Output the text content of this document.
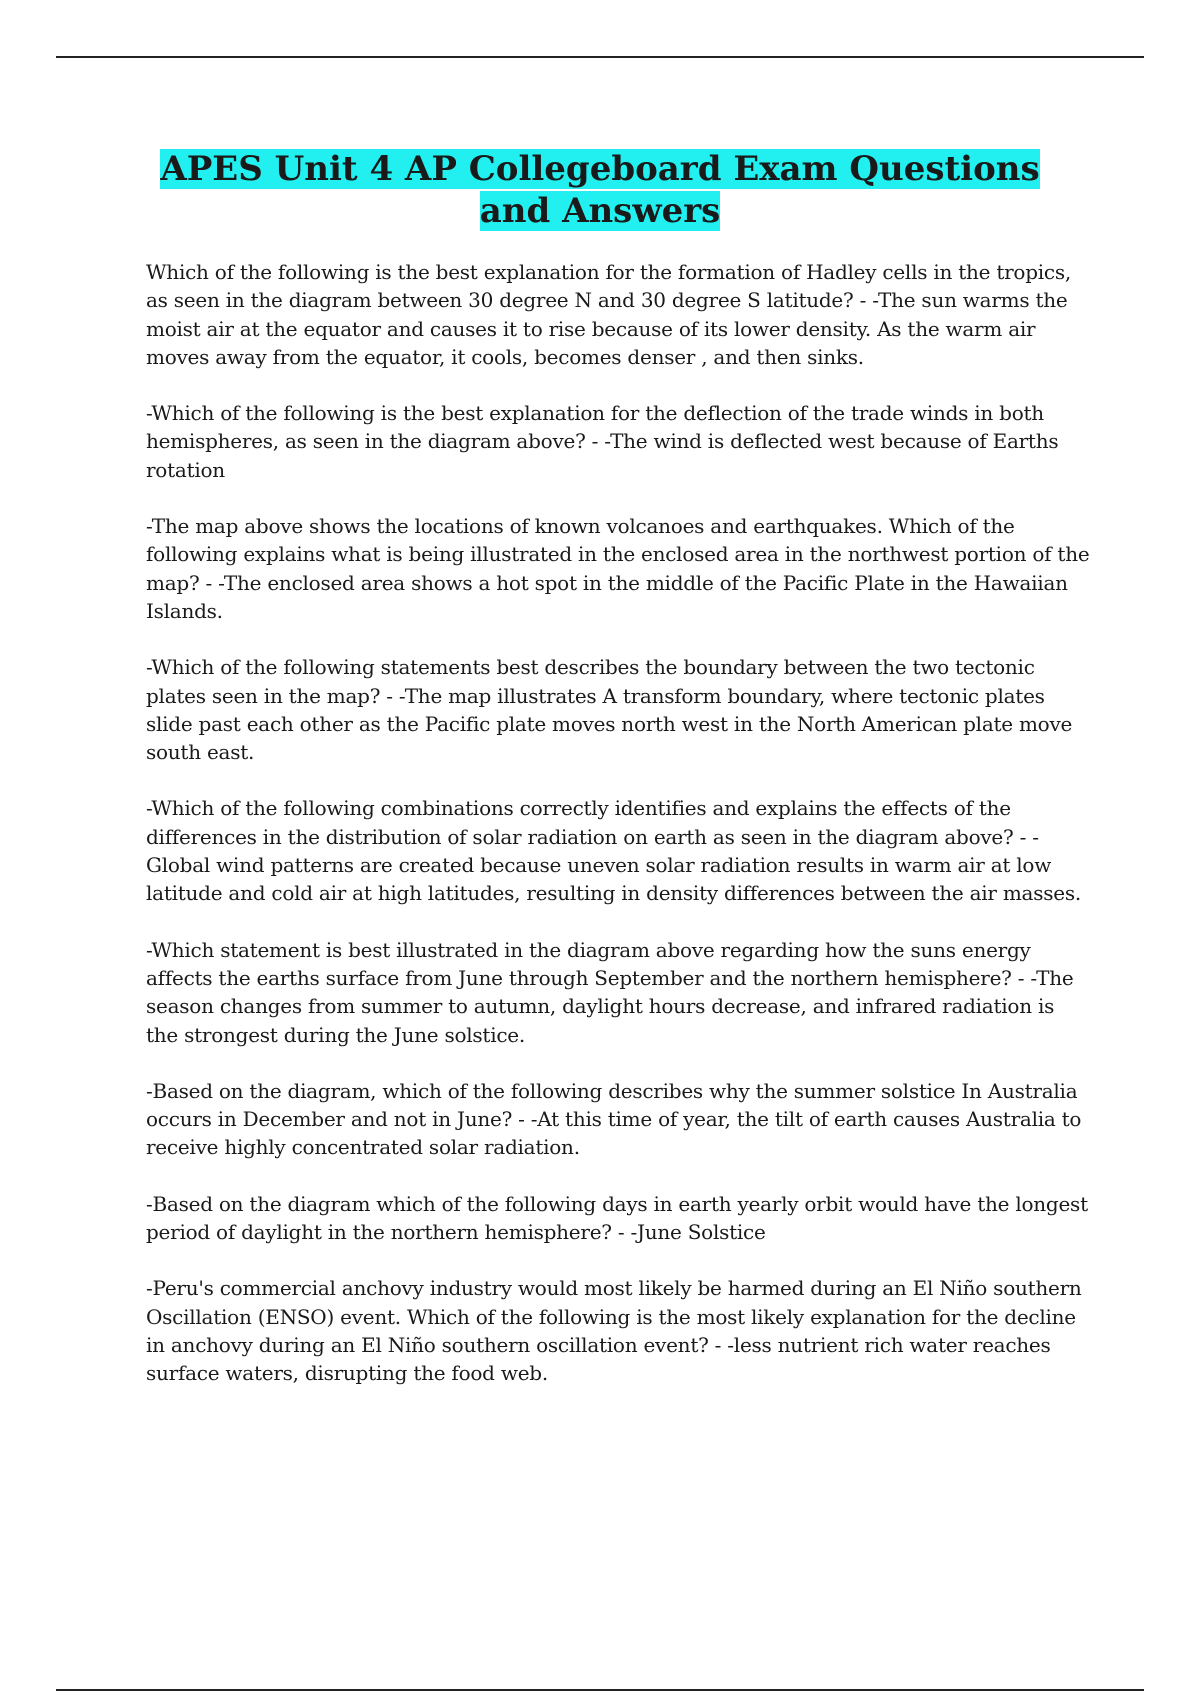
APES Unit 4 AP Collegeboard Exam Questions and Answers

Which of the following is the best explanation for the formation of Hadley cells in the tropics, as seen in the diagram between 30 degree N and 30 degree S latitude? - -The sun warms the moist air at the equator and causes it to rise because of its lower density. As the warm air moves away from the equator, it cools, becomes denser , and then sinks.

-Which of the following is the best explanation for the deflection of the trade winds in both hemispheres, as seen in the diagram above? - -The wind is deflected west because of Earths rotation

-The map above shows the locations of known volcanoes and earthquakes. Which of the following explains what is being illustrated in the enclosed area in the northwest portion of the map? - -The enclosed area shows a hot spot in the middle of the Pacific Plate in the Hawaiian Islands.

-Which of the following statements best describes the boundary between the two tectonic plates seen in the map? - -The map illustrates A transform boundary, where tectonic plates slide past each other as the Pacific plate moves north west in the North American plate move south east.

-Which of the following combinations correctly identifies and explains the effects of the differences in the distribution of solar radiation on earth as seen in the diagram above? - -Global wind patterns are created because uneven solar radiation results in warm air at low latitude and cold air at high latitudes, resulting in density differences between the air masses.

-Which statement is best illustrated in the diagram above regarding how the suns energy affects the earths surface from June through September and the northern hemisphere? - -The season changes from summer to autumn, daylight hours decrease, and infrared radiation is the strongest during the June solstice.

-Based on the diagram, which of the following describes why the summer solstice In Australia occurs in December and not in June? - -At this time of year, the tilt of earth causes Australia to receive highly concentrated solar radiation.

-Based on the diagram which of the following days in earth yearly orbit would have the longest period of daylight in the northern hemisphere? - -June Solstice

-Peru's commercial anchovy industry would most likely be harmed during an El Niño southern Oscillation (ENSO) event. Which of the following is the most likely explanation for the decline in anchovy during an El Niño southern oscillation event? - -less nutrient rich water reaches surface waters, disrupting the food web.
